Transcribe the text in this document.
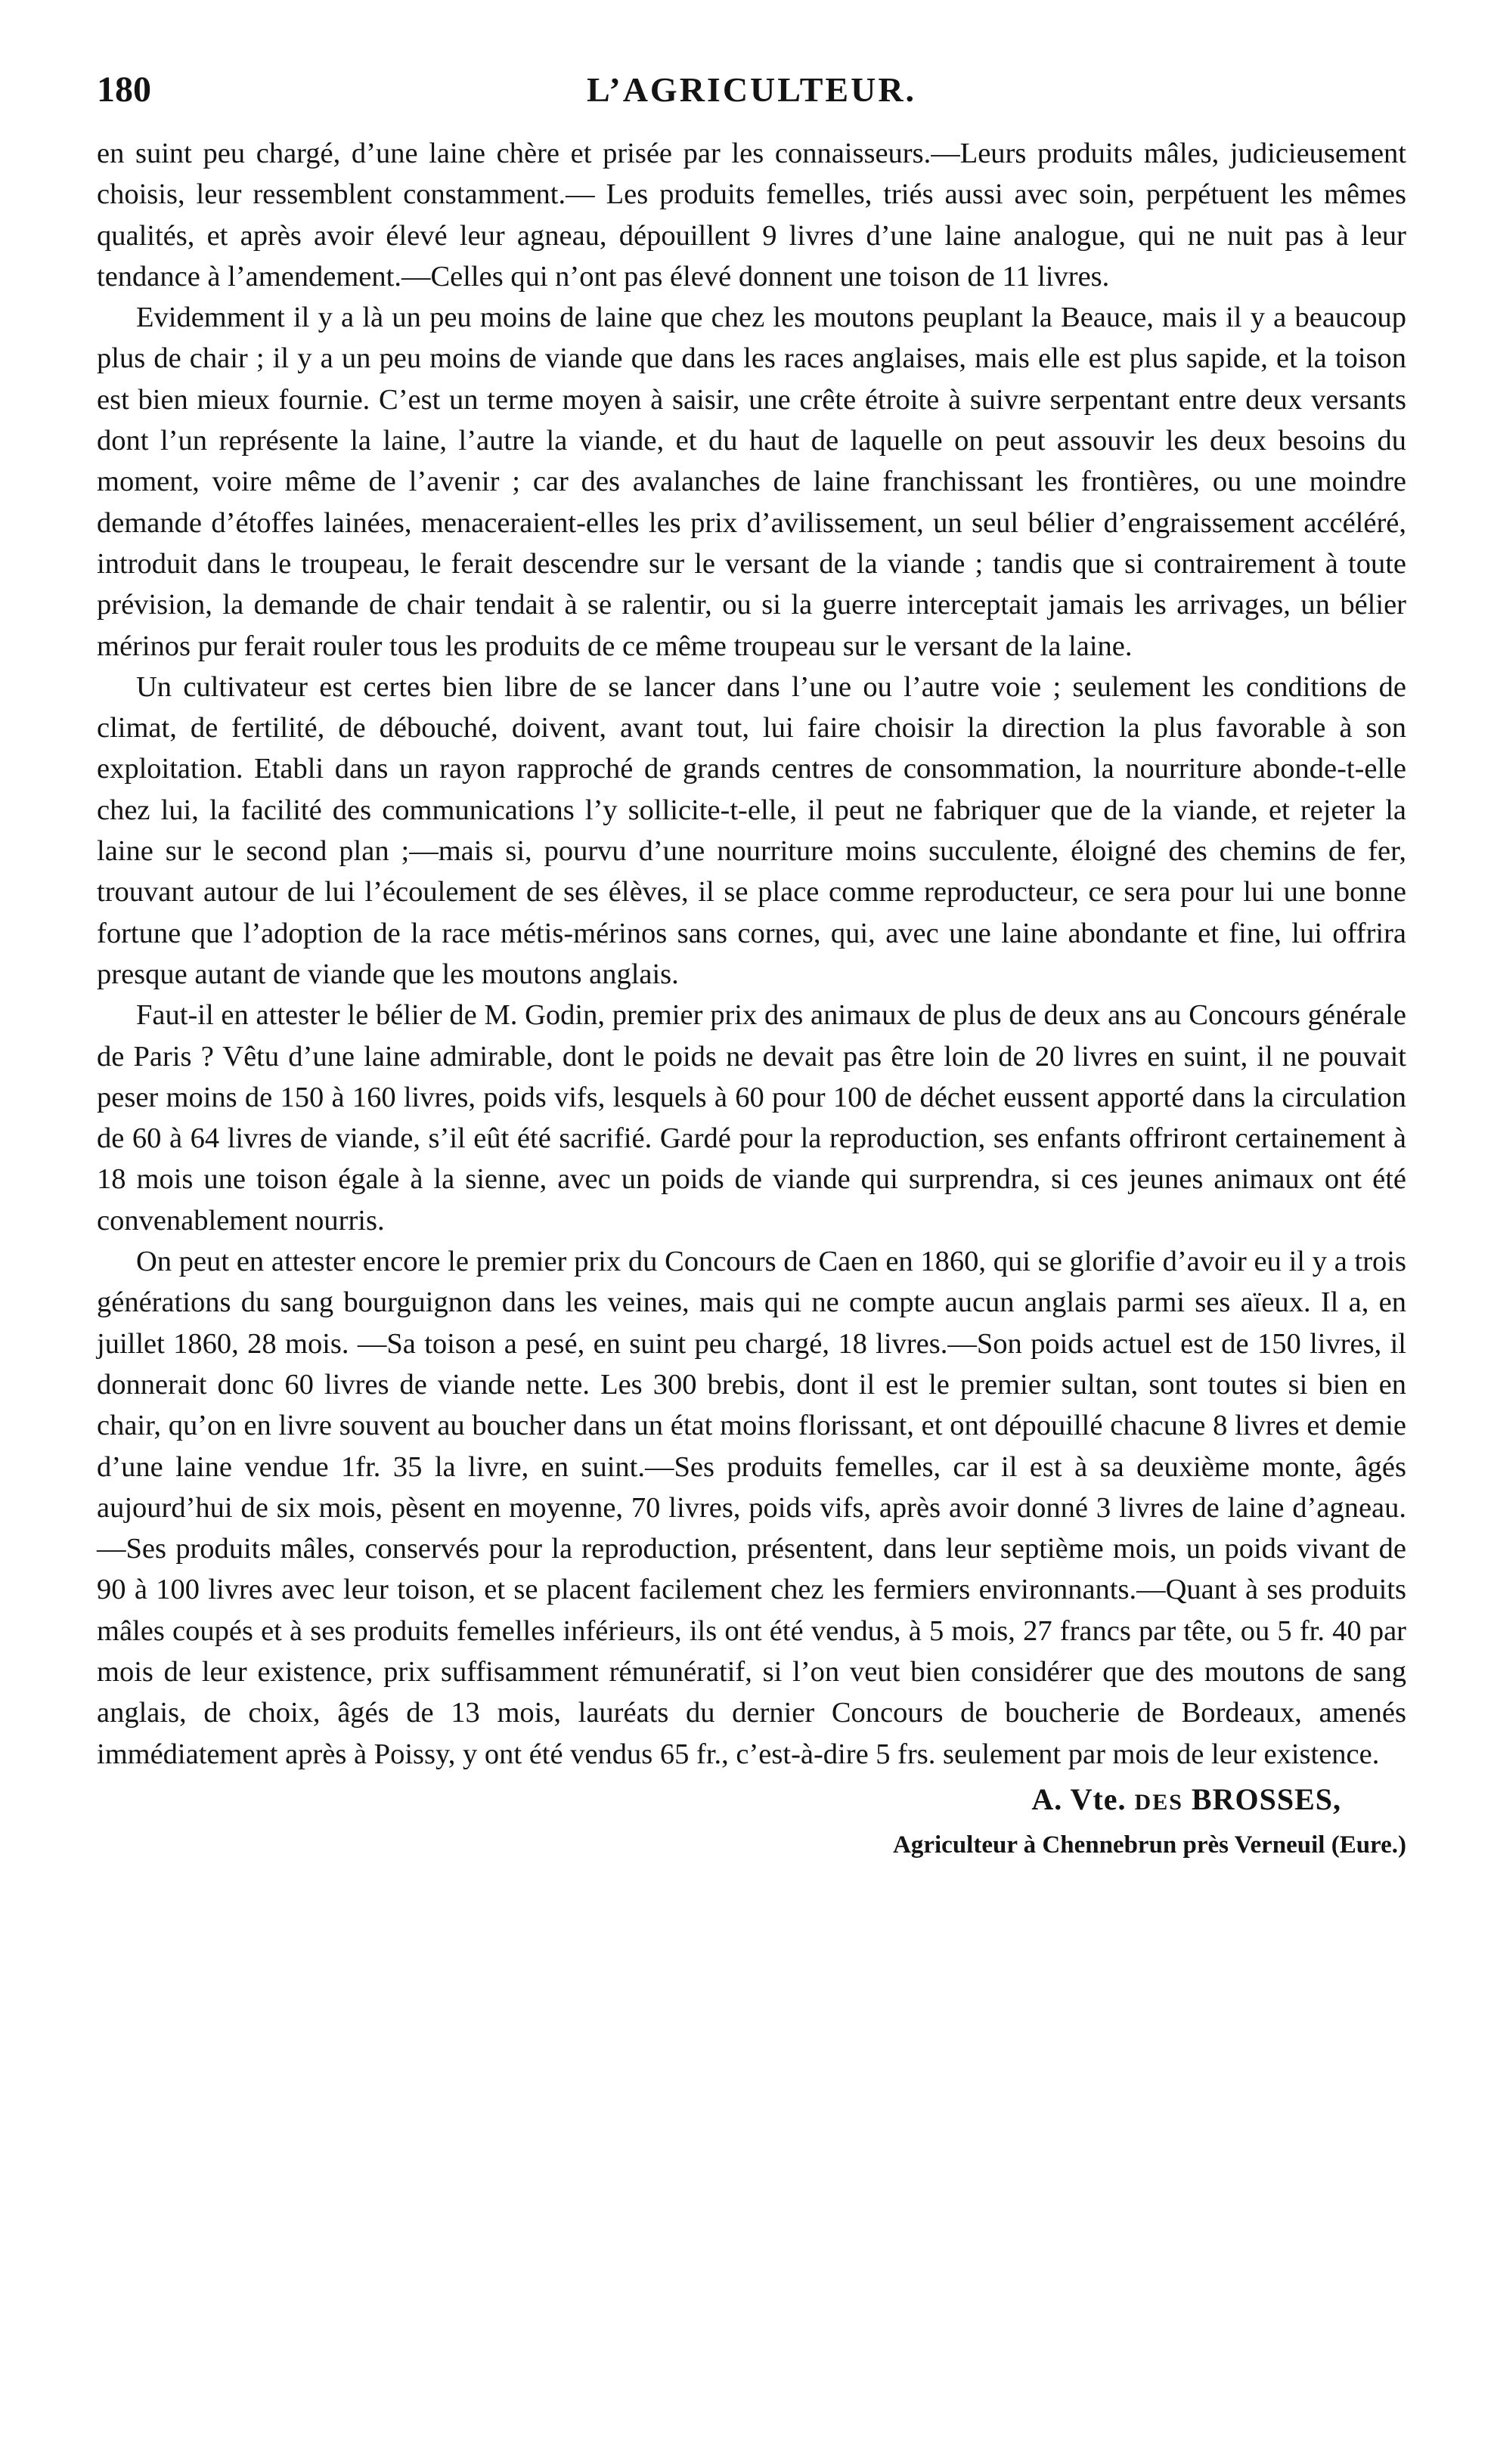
180	L’AGRICULTEUR.

en suint peu chargé, d’une laine chère et prisée par les connaisseurs.—Leurs produits mâles, judicieusement choisis, leur ressemblent constamment.— Les produits femelles, triés aussi avec soin, perpétuent les mêmes qualités, et après avoir élevé leur agneau, dépouillent 9 livres d’une laine analogue, qui ne nuit pas à leur tendance à l’amendement.—Celles qui n’ont pas élevé donnent une toison de 11 livres.

Evidemment il y a là un peu moins de laine que chez les moutons peuplant la Beauce, mais il y a beaucoup plus de chair ; il y a un peu moins de viande que dans les races anglaises, mais elle est plus sapide, et la toison est bien mieux fournie. C’est un terme moyen à saisir, une crête étroite à suivre serpentant entre deux versants dont l’un représente la laine, l’autre la viande, et du haut de laquelle on peut assouvir les deux besoins du moment, voire même de l’avenir ; car des avalanches de laine franchissant les frontières, ou une moindre demande d’étoffes lainées, menaceraient-elles les prix d’avilissement, un seul bélier d’engraissement accéléré, introduit dans le troupeau, le ferait descendre sur le versant de la viande ; tandis que si contrairement à toute prévision, la demande de chair tendait à se ralentir, ou si la guerre interceptait jamais les arrivages, un bélier mérinos pur ferait rouler tous les produits de ce même troupeau sur le versant de la laine.

Un cultivateur est certes bien libre de se lancer dans l’une ou l’autre voie ; seulement les conditions de climat, de fertilité, de débouché, doivent, avant tout, lui faire choisir la direction la plus favorable à son exploitation. Etabli dans un rayon rapproché de grands centres de consommation, la nourriture abonde-t-elle chez lui, la facilité des communications l’y sollicite-t-elle, il peut ne fabriquer que de la viande, et rejeter la laine sur le second plan ;—mais si, pourvu d’une nourriture moins succulente, éloigné des chemins de fer, trouvant autour de lui l’écoulement de ses élèves, il se place comme reproducteur, ce sera pour lui une bonne fortune que l’adoption de la race métis-mérinos sans cornes, qui, avec une laine abondante et fine, lui offrira presque autant de viande que les moutons anglais.

Faut-il en attester le bélier de M. Godin, premier prix des animaux de plus de deux ans au Concours générale de Paris ? Vêtu d’une laine admirable, dont le poids ne devait pas être loin de 20 livres en suint, il ne pouvait peser moins de 150 à 160 livres, poids vifs, lesquels à 60 pour 100 de déchet eussent apporté dans la circulation de 60 à 64 livres de viande, s’il eût été sacrifié. Gardé pour la reproduction, ses enfants offriront certainement à 18 mois une toison égale à la sienne, avec un poids de viande qui surprendra, si ces jeunes animaux ont été convenablement nourris.

On peut en attester encore le premier prix du Concours de Caen en 1860, qui se glorifie d’avoir eu il y a trois générations du sang bourguignon dans les veines, mais qui ne compte aucun anglais parmi ses aïeux. Il a, en juillet 1860, 28 mois. —Sa toison a pesé, en suint peu chargé, 18 livres.—Son poids actuel est de 150 livres, il donnerait donc 60 livres de viande nette. Les 300 brebis, dont il est le premier sultan, sont toutes si bien en chair, qu’on en livre souvent au boucher dans un état moins florissant, et ont dépouillé chacune 8 livres et demie d’une laine vendue 1fr. 35 la livre, en suint.—Ses produits femelles, car il est à sa deuxième monte, âgés aujourd’hui de six mois, pèsent en moyenne, 70 livres, poids vifs, après avoir donné 3 livres de laine d’agneau.—Ses produits mâles, conservés pour la reproduction, présentent, dans leur septième mois, un poids vivant de 90 à 100 livres avec leur toison, et se placent facilement chez les fermiers environnants.—Quant à ses produits mâles coupés et à ses produits femelles inférieurs, ils ont été vendus, à 5 mois, 27 francs par tête, ou 5 fr. 40 par mois de leur existence, prix suffisamment rémunératif, si l’on veut bien considérer que des moutons de sang anglais, de choix, âgés de 13 mois, lauréats du dernier Concours de boucherie de Bordeaux, amenés immédiatement après à Poissy, y ont été vendus 65 fr., c’est-à-dire 5 frs. seulement par mois de leur existence.

A. Vte. DES BROSSES,
Agriculteur à Chennebrun près Verneuil (Eure.)
